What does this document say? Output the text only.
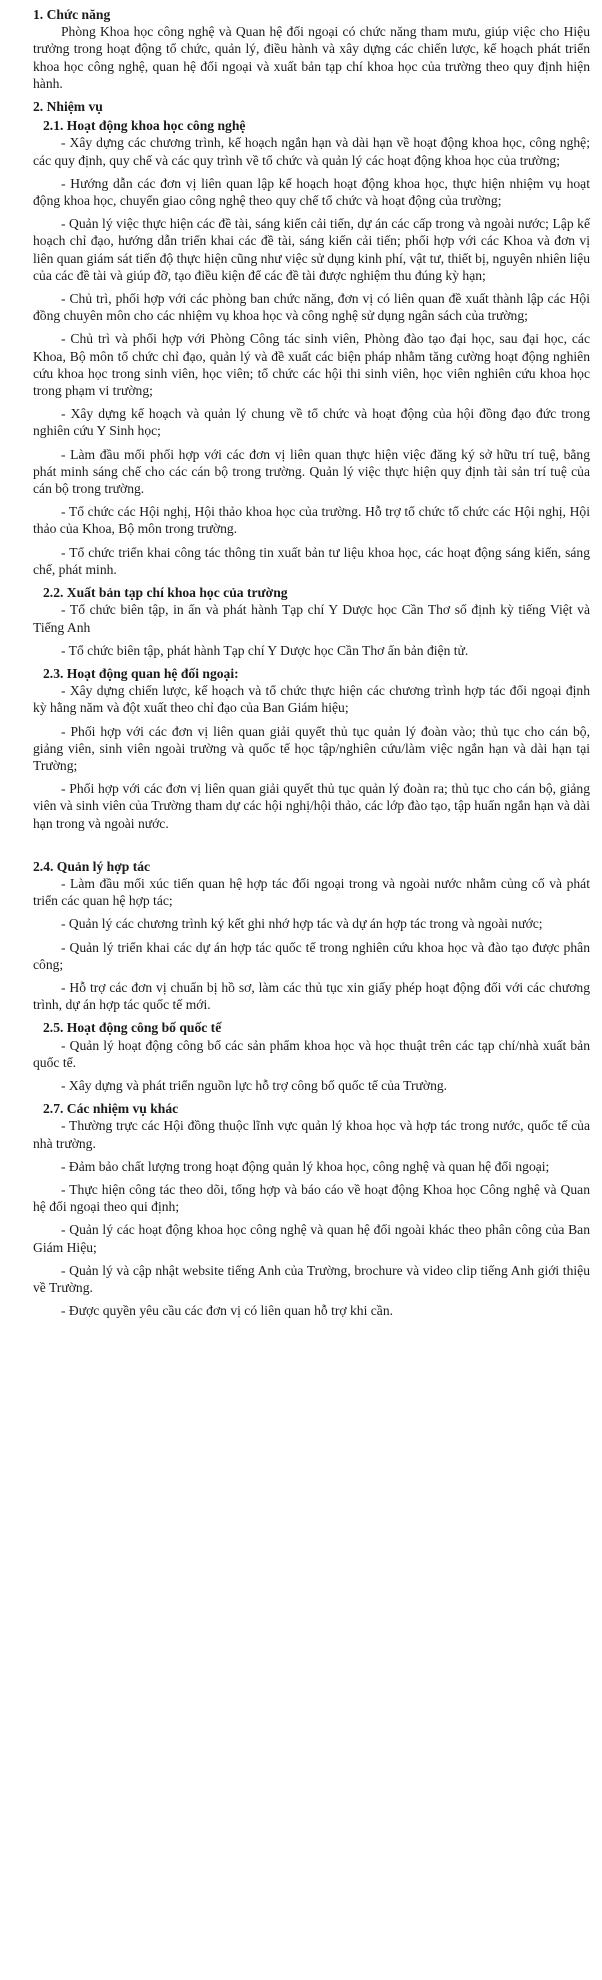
1. Chức năng
Phòng Khoa học công nghệ và Quan hệ đối ngoại có chức năng tham mưu, giúp việc cho Hiệu trưởng trong hoạt động tổ chức, quản lý, điều hành và xây dựng các chiến lược, kế hoạch phát triển khoa học công nghệ, quan hệ đối ngoại và xuất bản tạp chí khoa học của trường theo quy định hiện hành.
2. Nhiệm vụ
2.1. Hoạt động khoa học công nghệ
- Xây dựng các chương trình, kế hoạch ngắn hạn và dài hạn về hoạt động khoa học, công nghệ; các quy định, quy chế và các quy trình về tổ chức và quản lý các hoạt động khoa học của trường;
- Hướng dẫn các đơn vị liên quan lập kế hoạch hoạt động khoa học, thực hiện nhiệm vụ hoạt động khoa học, chuyển giao công nghệ theo quy chế tổ chức và hoạt động của trường;
- Quản lý việc thực hiện các đề tài, sáng kiến cải tiến, dự án các cấp trong và ngoài nước; Lập kế hoạch chỉ đạo, hướng dẫn triển khai các đề tài, sáng kiến cải tiến; phối hợp với các Khoa và đơn vị liên quan giám sát tiến độ thực hiện cũng như việc sử dụng kinh phí, vật tư, thiết bị, nguyên nhiên liệu của các đề tài và giúp đỡ, tạo điều kiện để các đề tài được nghiệm thu đúng kỳ hạn;
- Chủ trì, phối hợp với các phòng ban chức năng, đơn vị có liên quan đề xuất thành lập các Hội đồng chuyên môn cho các nhiệm vụ khoa học và công nghệ sử dụng ngân sách của trường;
- Chủ trì và phối hợp với Phòng Công tác sinh viên, Phòng đào tạo đại học, sau đại học, các Khoa, Bộ môn tổ chức chỉ đạo, quản lý và đề xuất các biện pháp nhằm tăng cường hoạt động nghiên cứu khoa học trong sinh viên, học viên; tổ chức các hội thi sinh viên, học viên nghiên cứu khoa học trong phạm vi trường;
- Xây dựng kế hoạch và quản lý chung về tổ chức và hoạt động của hội đồng đạo đức trong nghiên cứu Y Sinh học;
- Làm đầu mối phối hợp với các đơn vị liên quan thực hiện việc đăng ký sở hữu trí tuệ, bằng phát minh sáng chế cho các cán bộ trong trường. Quản lý việc thực hiện quy định tài sản trí tuệ của cán bộ trong trường.
- Tổ chức các Hội nghị, Hội thảo khoa học của trường. Hỗ trợ tổ chức tổ chức các Hội nghị, Hội thảo của Khoa, Bộ môn trong trường.
- Tổ chức triển khai công tác thông tin xuất bản tư liệu khoa học, các hoạt động sáng kiến, sáng chế, phát minh.
2.2. Xuất bản tạp chí khoa học của trường
- Tổ chức biên tập, in ấn và phát hành Tạp chí Y Dược học Cần Thơ số định kỳ tiếng Việt và Tiếng Anh
- Tổ chức biên tập, phát hành Tạp chí Y Dược học Cần Thơ ấn bản điện tử.
2.3. Hoạt động quan hệ đối ngoại:
- Xây dựng chiến lược, kế hoạch và tổ chức thực hiện các chương trình hợp tác đối ngoại định kỳ hằng năm và đột xuất theo chỉ đạo của Ban Giám hiệu;
- Phối hợp với các đơn vị liên quan giải quyết thủ tục quản lý đoàn vào; thủ tục cho cán bộ, giảng viên, sinh viên ngoài trường và quốc tế học tập/nghiên cứu/làm việc ngắn hạn và dài hạn tại Trường;
- Phối hợp với các đơn vị liên quan giải quyết thủ tục quản lý đoàn ra; thủ tục cho cán bộ, giảng viên và sinh viên của Trường tham dự các hội nghị/hội thảo, các lớp đào tạo, tập huấn ngắn hạn và dài hạn trong và ngoài nước.
2.4. Quản lý hợp tác
- Làm đầu mối xúc tiến quan hệ hợp tác đối ngoại trong và ngoài nước nhằm củng cố và phát triển các quan hệ hợp tác;
- Quản lý các chương trình ký kết ghi nhớ hợp tác và dự án hợp tác trong và ngoài nước;
- Quản lý triển khai các dự án hợp tác quốc tế trong nghiên cứu khoa học và đào tạo được phân công;
- Hỗ trợ các đơn vị chuẩn bị hồ sơ, làm các thủ tục xin giấy phép hoạt động đối với các chương trình, dự án hợp tác quốc tế mới.
2.5. Hoạt động công bố quốc tế
- Quản lý hoạt động công bố các sản phẩm khoa học và học thuật trên các tạp chí/nhà xuất bản quốc tế.
- Xây dựng và phát triển nguồn lực hỗ trợ công bố quốc tế của Trường.
2.7. Các nhiệm vụ khác
- Thường trực các Hội đồng thuộc lĩnh vực quản lý khoa học và hợp tác trong nước, quốc tế của nhà trường.
- Đảm bảo chất lượng trong hoạt động quản lý khoa học, công nghệ và quan hệ đối ngoại;
- Thực hiện công tác theo dõi, tổng hợp và báo cáo về hoạt động Khoa học Công nghệ và Quan hệ đối ngoại theo qui định;
- Quản lý các hoạt động khoa học công nghệ và quan hệ đối ngoài khác theo phân công của Ban Giám Hiệu;
- Quản lý và cập nhật website tiếng Anh của Trường, brochure và video clip tiếng Anh giới thiệu về Trường.
- Được quyền yêu cầu các đơn vị có liên quan hỗ trợ khi cần.
